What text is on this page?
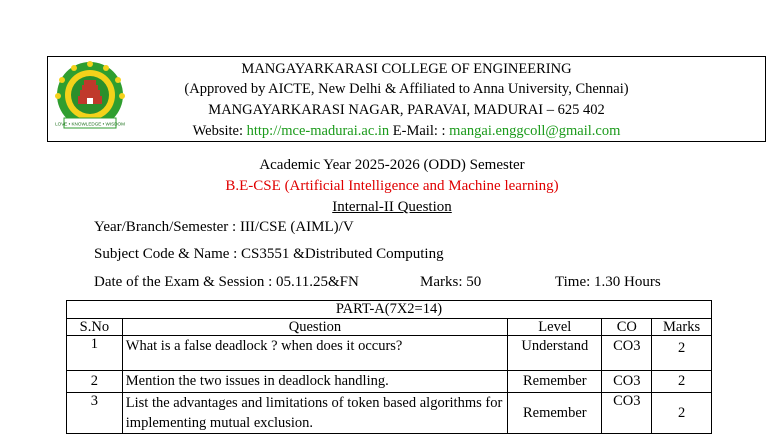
LOVE • KNOWLEDGE • WISDOM
MANGAYARKARASI COLLEGE OF ENGINEERING
(Approved by AICTE, New Delhi & Affiliated to Anna University, Chennai)
MANGAYARKARASI NAGAR, PARAVAI, MADURAI – 625 402
Website: http://mce-madurai.ac.in E-Mail: : mangai.enggcoll@gmail.com
Academic Year 2025-2026 (ODD) Semester
B.E-CSE (Artificial Intelligence and Machine learning)
Internal-II Question
Year/Branch/Semester : III/CSE (AIML)/V
Subject Code & Name : CS3551 &Distributed Computing
Date of the Exam & Session : 05.11.25&FN	Marks: 50	Time: 1.30 Hours
PART-A(7X2=14)				
S.No	Question	Level	CO	Marks
1	What is a false deadlock ? when does it occurs?	Understand	CO3	2
2	Mention the two issues in deadlock handling.	Remember	CO3	2
3	List the advantages and limitations of token based algorithms for implementing mutual exclusion.	Remember	CO3	2
